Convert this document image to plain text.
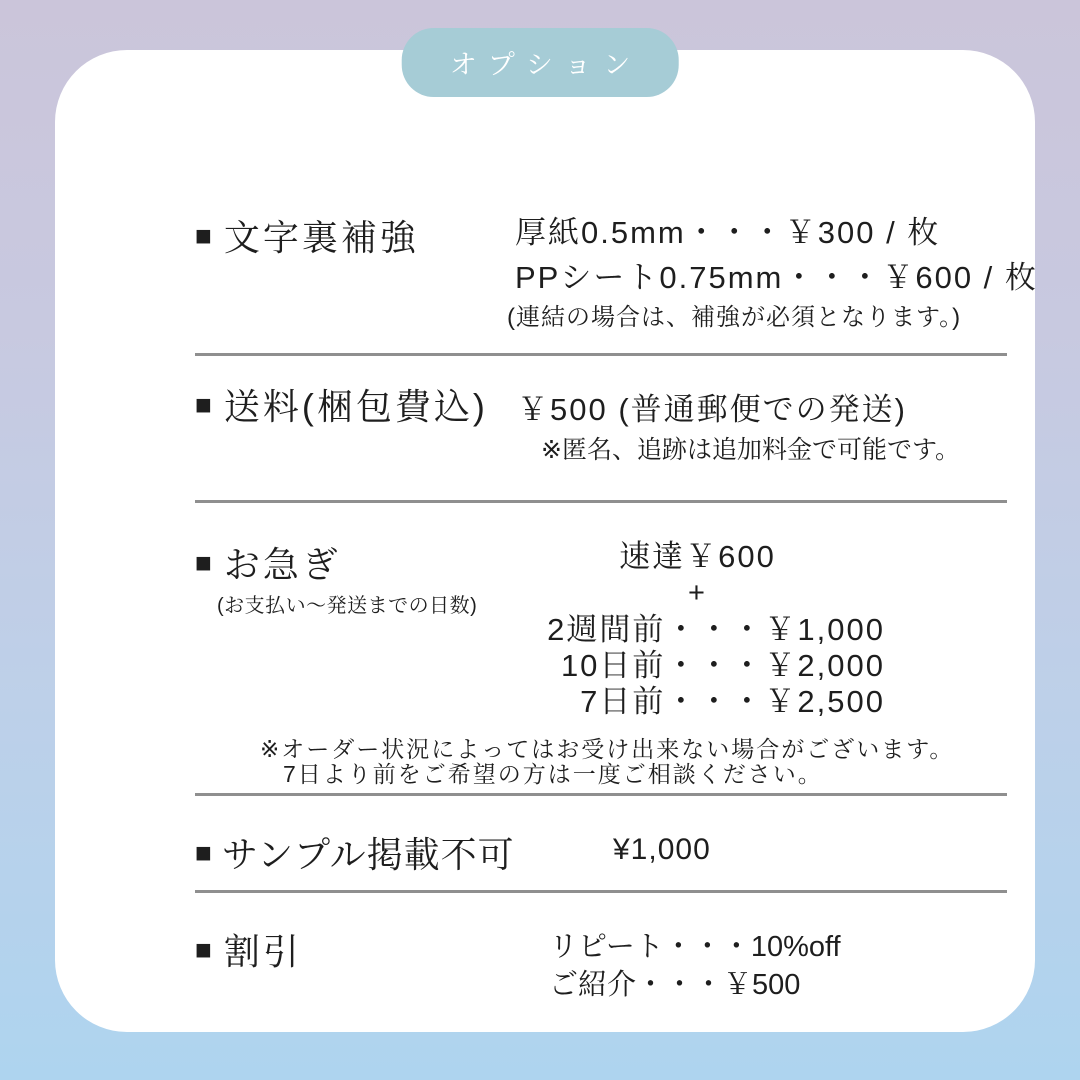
■ 文字裏補強	厚紙0.5mm・・・￥300 / 枚
PPシート0.75mm・・・￥600 / 枚
(連結の場合は、補強が必須となります。)
■ 送料(梱包費込) ￥500 (普通郵便での発送)
※匿名、追跡は追加料金で可能です。
■ お急ぎ
(お支払い〜発送までの日数)
速達￥600
+
2週間前・・・￥1,000
10日前・・・￥2,000
7日前・・・￥2,500
※オーダー状況によってはお受け出来ない場合がございます。
7日より前をご希望の方は一度ご相談ください。
■ サンプル掲載不可	¥1,000
■ 割引	リピート・・・10%off
ご紹介・・・￥500
オプション
